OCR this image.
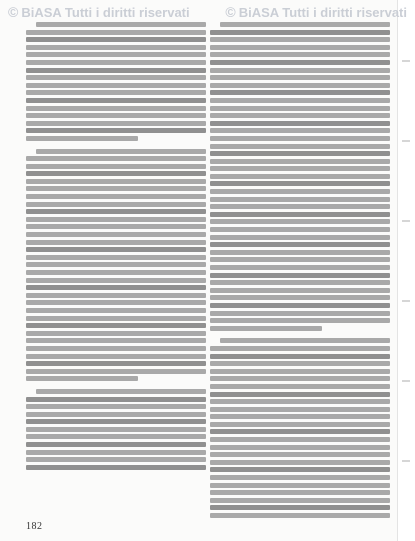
© BiASA Tutti i diritti riservati	© BiASA Tutti i diritti riservati
182
